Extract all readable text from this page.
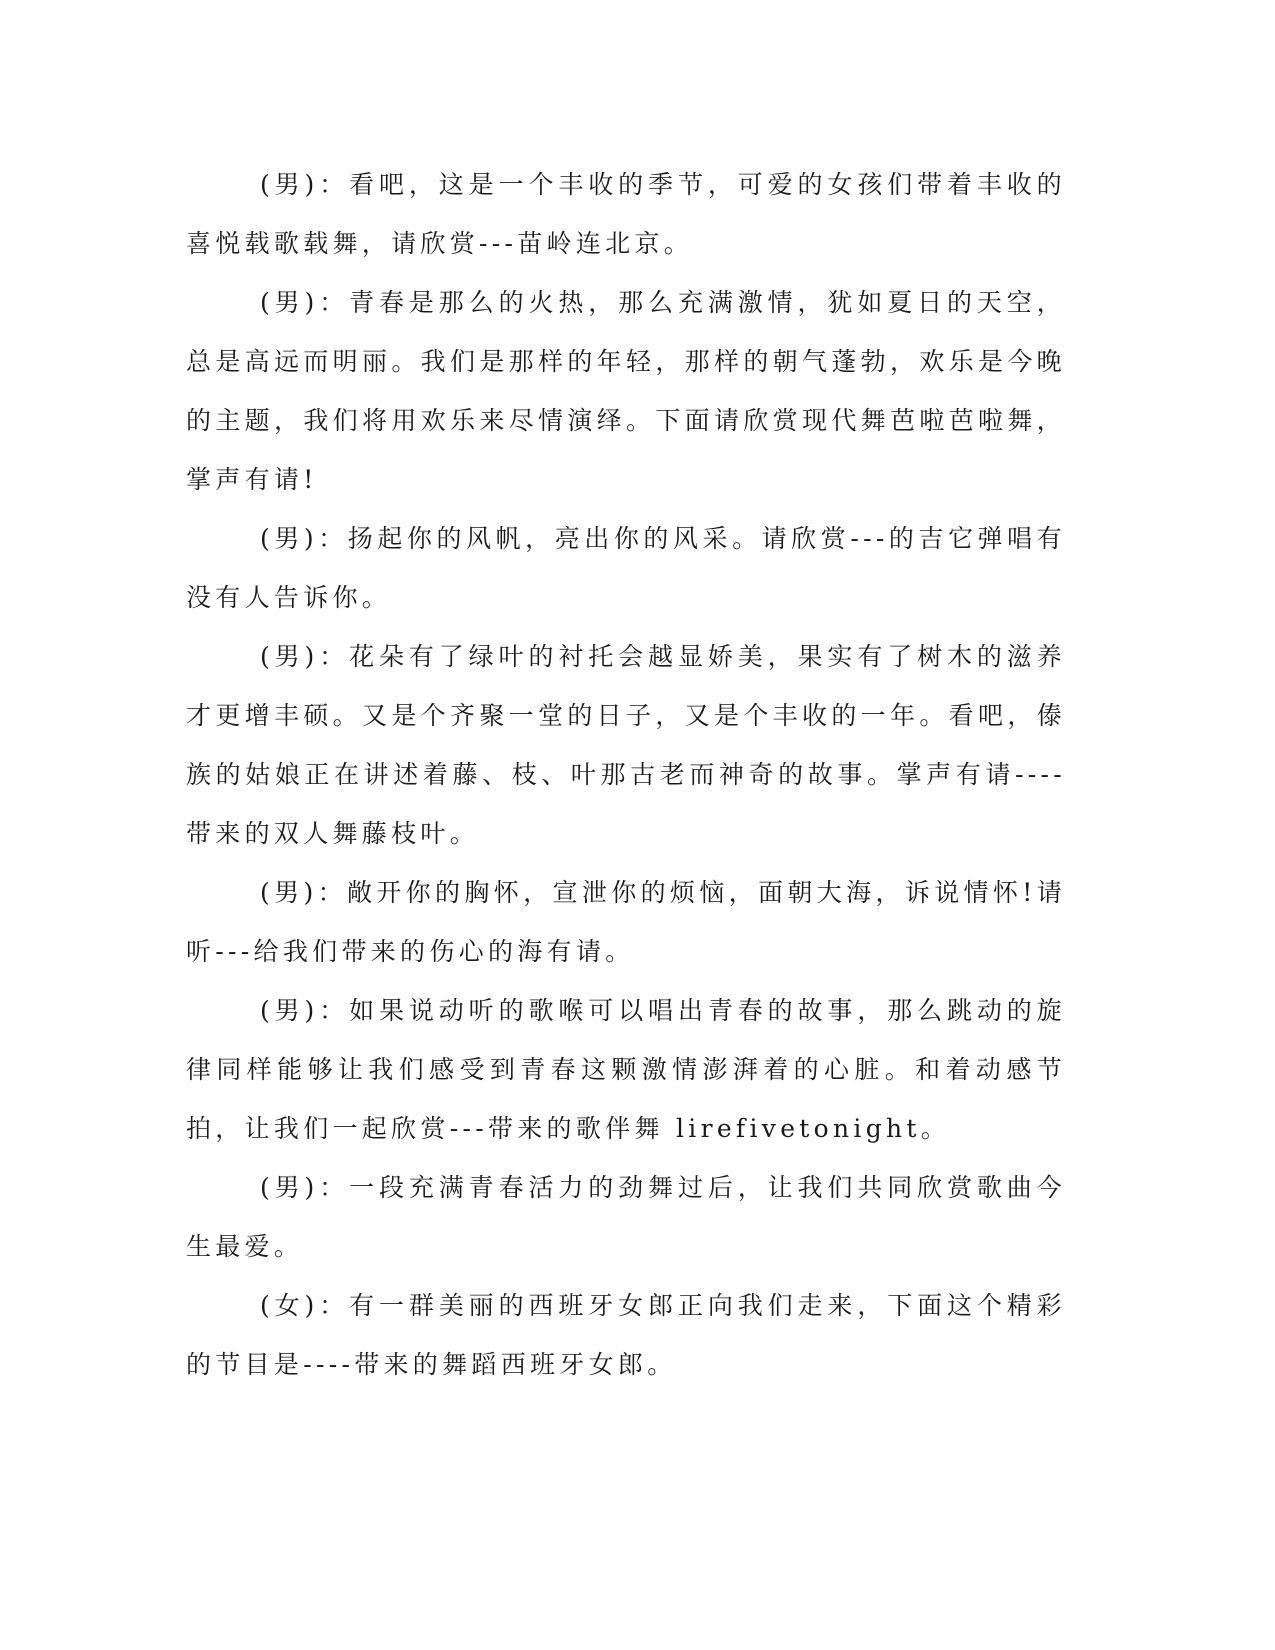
(男)：看吧，这是一个丰收的季节，可爱的女孩们带着丰收的喜悦载歌载舞，请欣赏---苗岭连北京。

(男)：青春是那么的火热，那么充满激情，犹如夏日的天空，总是高远而明丽。我们是那样的年轻，那样的朝气蓬勃，欢乐是今晚的主题，我们将用欢乐来尽情演绎。下面请欣赏现代舞芭啦芭啦舞，掌声有请!

(男)：扬起你的风帆，亮出你的风采。请欣赏---的吉它弹唱有没有人告诉你。

(男)：花朵有了绿叶的衬托会越显娇美，果实有了树木的滋养才更增丰硕。又是个齐聚一堂的日子，又是个丰收的一年。看吧，傣族的姑娘正在讲述着藤、枝、叶那古老而神奇的故事。掌声有请----带来的双人舞藤枝叶。

(男)：敞开你的胸怀，宣泄你的烦恼，面朝大海，诉说情怀!请听---给我们带来的伤心的海有请。

(男)：如果说动听的歌喉可以唱出青春的故事，那么跳动的旋律同样能够让我们感受到青春这颗激情澎湃着的心脏。和着动感节拍，让我们一起欣赏---带来的歌伴舞 lirefivetonight。

(男)：一段充满青春活力的劲舞过后，让我们共同欣赏歌曲今生最爱。

(女)：有一群美丽的西班牙女郎正向我们走来，下面这个精彩的节目是----带来的舞蹈西班牙女郎。
